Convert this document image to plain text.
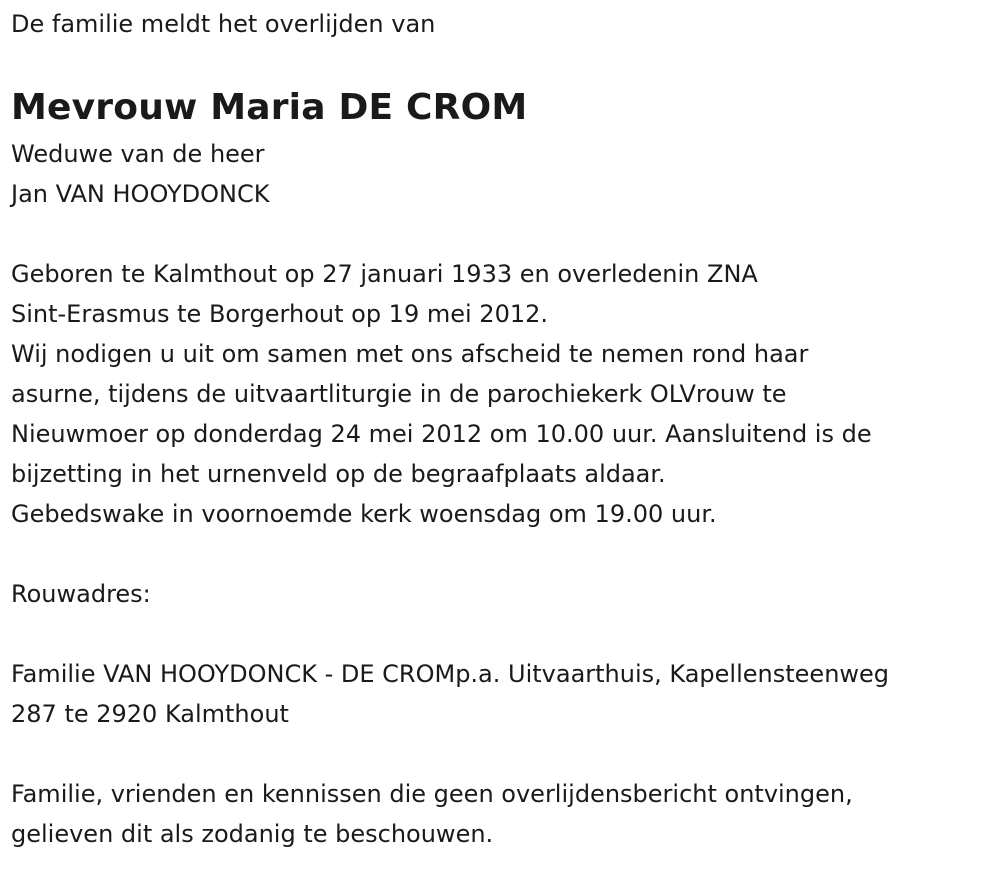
De familie meldt het overlijden van
Mevrouw Maria DE CROM
Weduwe van de heer
Jan VAN HOOYDONCK
Geboren te Kalmthout op 27 januari 1933 en overledenin ZNA
Sint-Erasmus te Borgerhout op 19 mei 2012.
Wij nodigen u uit om samen met ons afscheid te nemen rond haar
asurne, tijdens de uitvaartliturgie in de parochiekerk OLVrouw te
Nieuwmoer op donderdag 24 mei 2012 om 10.00 uur. Aansluitend is de
bijzetting in het urnenveld op de begraafplaats aldaar.
Gebedswake in voornoemde kerk woensdag om 19.00 uur.
Rouwadres:
Familie VAN HOOYDONCK - DE CROMp.a. Uitvaarthuis, Kapellensteenweg
287 te 2920 Kalmthout
Familie, vrienden en kennissen die geen overlijdensbericht ontvingen,
gelieven dit als zodanig te beschouwen.
